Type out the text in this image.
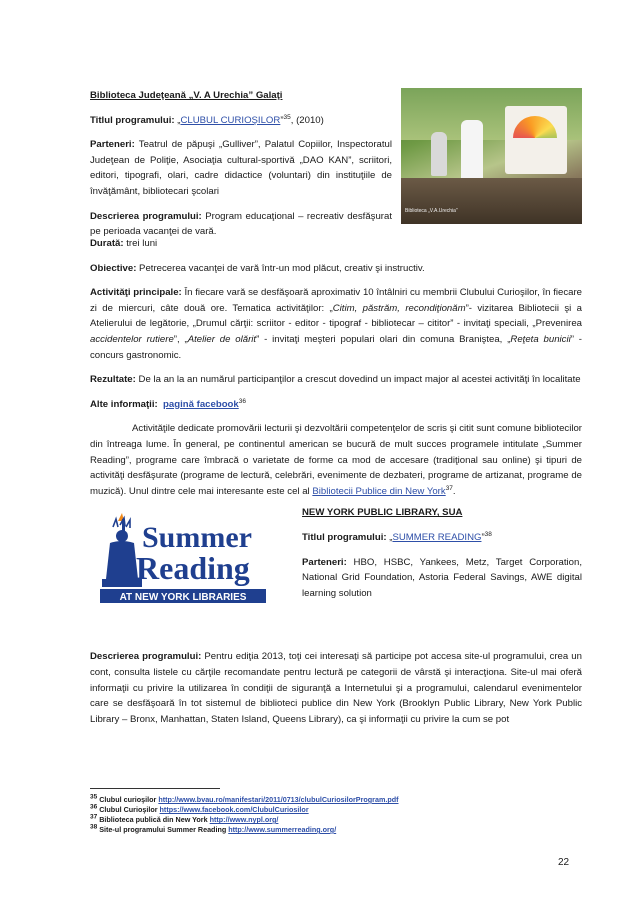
Biblioteca Judeţeană „V. A Urechia” Galaţi

Titlul programului: „CLUBUL CURIOŞILOR”$^{35}$, (2010)

Parteneri: Teatrul de păpuşi „Gulliver”, Palatul Copiilor, Inspectoratul Judeţean de Poliţie, Asociaţia cultural-sportivă „DAO KAN”, scriitori, editori, tipografi, olari, cadre didactice (voluntari) din instituţiile de învăţământ, bibliotecari şcolari

Descrierea programului: Program educaţional – recreativ desfăşurat pe perioada vacanţei de vară.

Biblioteca „V.A.Urechia”

Durată: trei luni

Obiective: Petrecerea vacanţei de vară într-un mod plăcut, creativ şi instructiv.

Activităţi principale: În fiecare vară se desfăşoară aproximativ 10 întâlniri cu membrii Clubului Curioşilor, în fiecare zi de miercuri, câte două ore. Tematica activităţilor: „Citim, păstrăm, recondiţionăm”- vizitarea Bibliotecii şi a Atelierului de legătorie, „Drumul cărţii: scriitor - editor - tipograf - bibliotecar – cititor” - invitaţi speciali, „Prevenirea accidentelor rutiere”, „Atelier de olărit” - invitaţi meşteri populari olari din comuna Braniştea, „Reţeta bunicii” - concurs gastronomic.

Rezultate: De la an la an numărul participanţilor a crescut dovedind un impact major al acestei activităţi în localitate

Alte informaţii: pagină facebook$^{36}$

Activităţile dedicate promovării lecturii şi dezvoltării competenţelor de scris şi citit sunt comune bibliotecilor din întreaga lume. În general, pe continentul american se bucură de mult succes programele intitulate „Summer Reading”, programe care îmbracă o varietate de forme ca mod de accesare (tradiţional sau online) şi tipuri de activităţi desfăşurate (programe de lectură, celebrări, evenimente de dezbateri, programe de artizanat, programe de muzică). Unul dintre cele mai interesante este cel al Bibliotecii Publice din New York$^{37}$.

Summer
Reading
AT NEW YORK LIBRARIES

NEW YORK PUBLIC LIBRARY, SUA

Titlul programului: „SUMMER READING”$^{38}$

Parteneri: HBO, HSBC, Yankees, Metz, Target Corporation, National Grid Foundation, Astoria Federal Savings, AWE digital learning solution

Descrierea programului: Pentru ediţia 2013, toţi cei interesaţi să participe pot accesa site-ul programului, crea un cont, consulta listele cu cărţile recomandate pentru lectură pe categorii de vârstă şi interacţiona. Site-ul mai oferă informaţii cu privire la utilizarea în condiţii de siguranţă a Internetului şi a programului, calendarul evenimentelor care se desfăşoară în tot sistemul de biblioteci publice din New York (Brooklyn Public Library, New York Public Library – Bronx, Manhattan, Staten Island, Queens Library), ca şi informaţii cu privire la cum se pot

$^{35}$ Clubul curioşilor http://www.bvau.ro/manifestari/2011/0713/clubulCuriosilorProgram.pdf

$^{36}$ Clubul Curioşilor https://www.facebook.com/ClubulCuriosilor

$^{37}$ Biblioteca publică din New York http://www.nypl.org/

$^{38}$ Site-ul programului Summer Reading http://www.summerreading.org/

22
